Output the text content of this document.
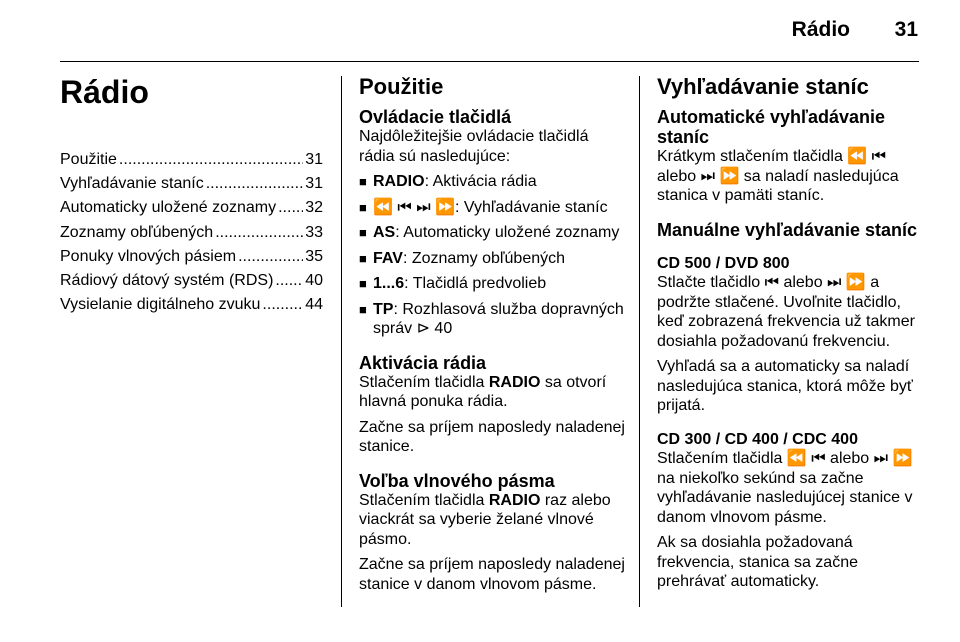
Rádio	31
Rádio
Použitie .....	31
Vyhľadávanie staníc .....	31
Automaticky uložené zoznamy ..... 32
Zoznamy obľúbených .....	33
Ponuky vlnových pásiem .....	35
Rádiový dátový systém (RDS) ..... 40
Vysielanie digitálneho zvuku .....	44
Použitie
Ovládacie tlačidlá
Najdôležitejšie ovládacie tlačidlá rádia sú nasledujúce:
■ RADIO: Aktivácia rádia
■ ⏪ ⏮ ⏭ ⏩: Vyhľadávanie staníc
■ AS: Automaticky uložené zoznamy
■ FAV: Zoznamy obľúbených
■ 1...6: Tlačidlá predvolieb
■ TP: Rozhlasová služba dopravných správ ⊳ 40
Aktivácia rádia
Stlačením tlačidla RADIO sa otvorí hlavná ponuka rádia.
Začne sa príjem naposledy naladenej stanice.
Voľba vlnového pásma
Stlačením tlačidla RADIO raz alebo viackrát sa vyberie želané vlnové pásmo.
Začne sa príjem naposledy naladenej stanice v danom vlnovom pásme.
Vyhľadávanie staníc
Automatické vyhľadávanie staníc
Krátkym stlačením tlačidla ⏪ ⏮ alebo ⏭ ⏩ sa naladí nasledujúca stanica v pamäti staníc.
Manuálne vyhľadávanie staníc
CD 500 / DVD 800
Stlačte tlačidlo ⏮ alebo ⏭ ⏩ a podržte stlačené. Uvoľnite tlačidlo, keď zobrazená frekvencia už takmer dosiahla požadovanú frekvenciu.
Vyhľadá sa a automaticky sa naladí nasledujúca stanica, ktorá môže byť prijatá.
CD 300 / CD 400 / CDC 400
Stlačením tlačidla ⏪ ⏮ alebo ⏭ ⏩ na niekoľko sekúnd sa začne vyhľadávanie nasledujúcej stanice v danom vlnovom pásme.
Ak sa dosiahla požadovaná frekvencia, stanica sa začne prehrávať automaticky.
